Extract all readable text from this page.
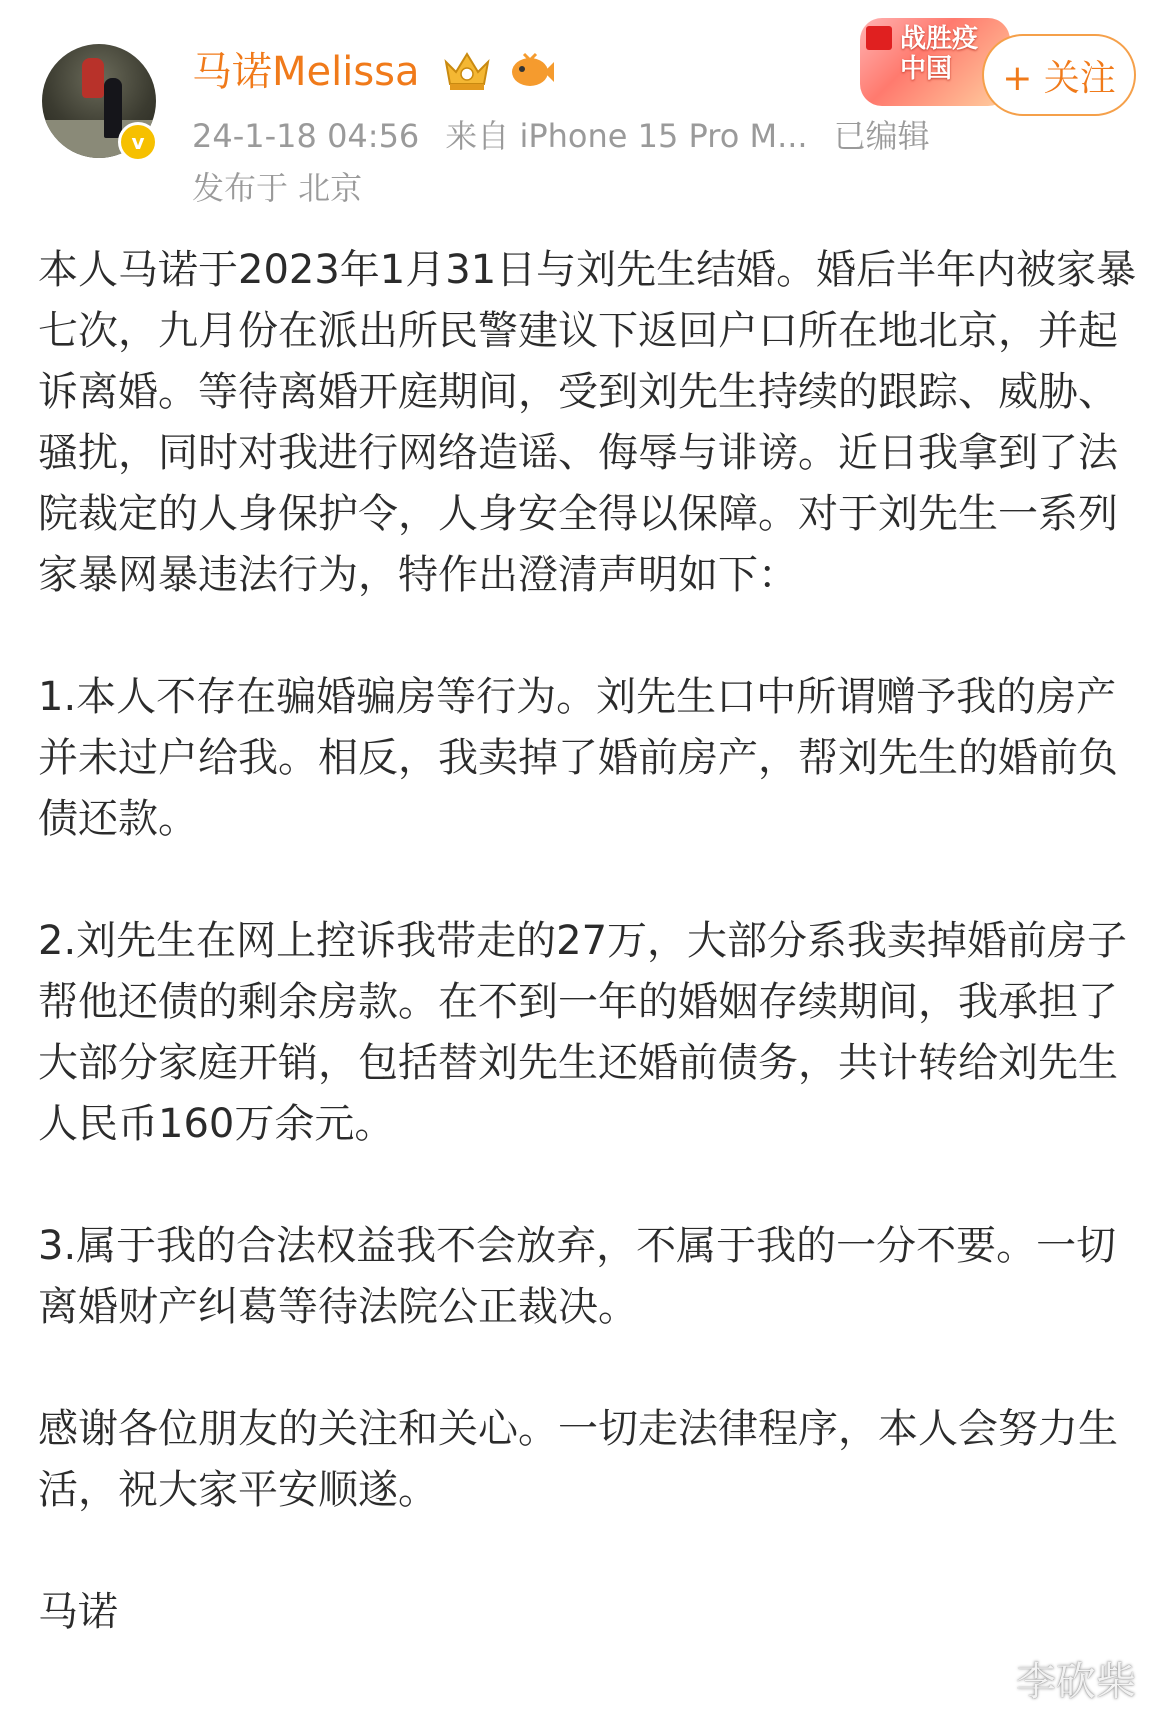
v
马诺Melissa
24-1-18 04:56 来自 iPhone 15 Pro M... 已编辑
发布于 北京
战胜疫
中国	+ 关注

本人马诺于2023年1月31日与刘先生结婚。婚后半年内被家暴七次，九月份在派出所民警建议下返回户口所在地北京，并起诉离婚。等待离婚开庭期间，受到刘先生持续的跟踪、威胁、骚扰，同时对我进行网络造谣、侮辱与诽谤。近日我拿到了法院裁定的人身保护令，人身安全得以保障。对于刘先生一系列家暴网暴违法行为，特作出澄清声明如下：

1.本人不存在骗婚骗房等行为。刘先生口中所谓赠予我的房产并未过户给我。相反，我卖掉了婚前房产，帮刘先生的婚前负债还款。

2.刘先生在网上控诉我带走的27万，大部分系我卖掉婚前房子帮他还债的剩余房款。在不到一年的婚姻存续期间，我承担了大部分家庭开销，包括替刘先生还婚前债务，共计转给刘先生人民币160万余元。

3.属于我的合法权益我不会放弃，不属于我的一分不要。一切离婚财产纠葛等待法院公正裁决。

感谢各位朋友的关注和关心。一切走法律程序，本人会努力生活，祝大家平安顺遂。

马诺

李砍柴
